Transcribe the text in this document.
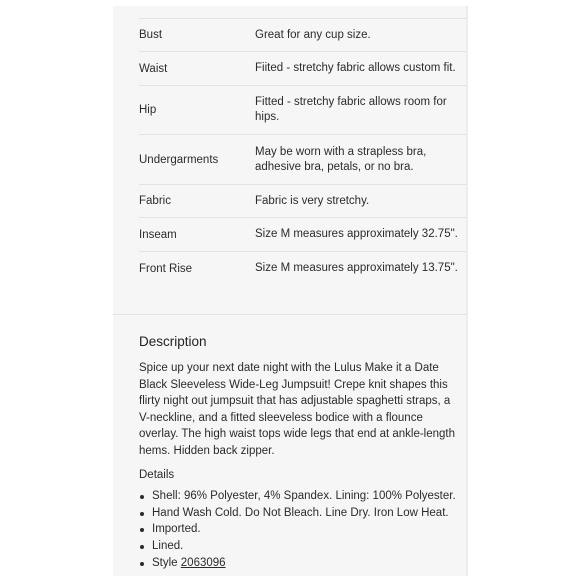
Bust	Great for any cup size.
Waist	Fiited - stretchy fabric allows custom fit.
Hip	Fitted - stretchy fabric allows room for hips.
Undergarments	May be worn with a strapless bra, adhesive bra, petals, or no bra.
Fabric	Fabric is very stretchy.
Inseam	Size M measures approximately 32.75".
Front Rise	Size M measures approximately 13.75".
Description

Spice up your next date night with the Lulus Make it a Date Black Sleeveless Wide-Leg Jumpsuit! Crepe knit shapes this flirty night out jumpsuit that has adjustable spaghetti straps, a V-neckline, and a fitted sleeveless bodice with a flounce overlay. The high waist tops wide legs that end at ankle-length hems. Hidden back zipper.

Details
Shell: 96% Polyester, 4% Spandex. Lining: 100% Polyester.
Hand Wash Cold. Do Not Bleach. Line Dry. Iron Low Heat.
Imported.
Lined.
Style 2063096
